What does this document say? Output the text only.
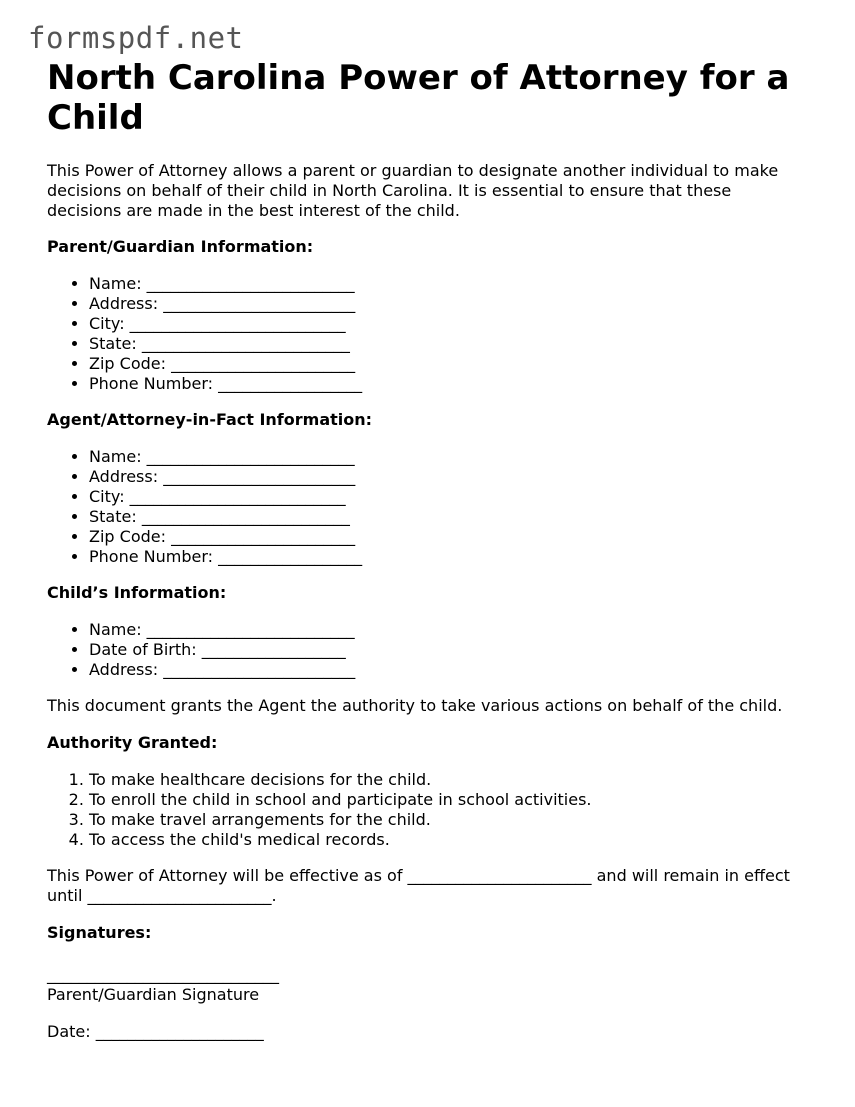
formspdf.net
North Carolina Power of Attorney for a Child

This Power of Attorney allows a parent or guardian to designate another individual to make decisions on behalf of their child in North Carolina. It is essential to ensure that these decisions are made in the best interest of the child.

Parent/Guardian Information:
• Name: __________________________
• Address: ________________________
• City: ___________________________
• State: __________________________
• Zip Code: _______________________
• Phone Number: __________________
Agent/Attorney-in-Fact Information:
• Name: __________________________
• Address: ________________________
• City: ___________________________
• State: __________________________
• Zip Code: _______________________
• Phone Number: __________________
Child’s Information:
• Name: __________________________
• Date of Birth: __________________
• Address: ________________________

This document grants the Agent the authority to take various actions on behalf of the child.

Authority Granted:
1. To make healthcare decisions for the child.
2. To enroll the child in school and participate in school activities.
3. To make travel arrangements for the child.
4. To access the child's medical records.

This Power of Attorney will be effective as of _______________________ and will remain in effect until _______________________.

Signatures:
_____________________________
Parent/Guardian Signature
Date: _____________________
